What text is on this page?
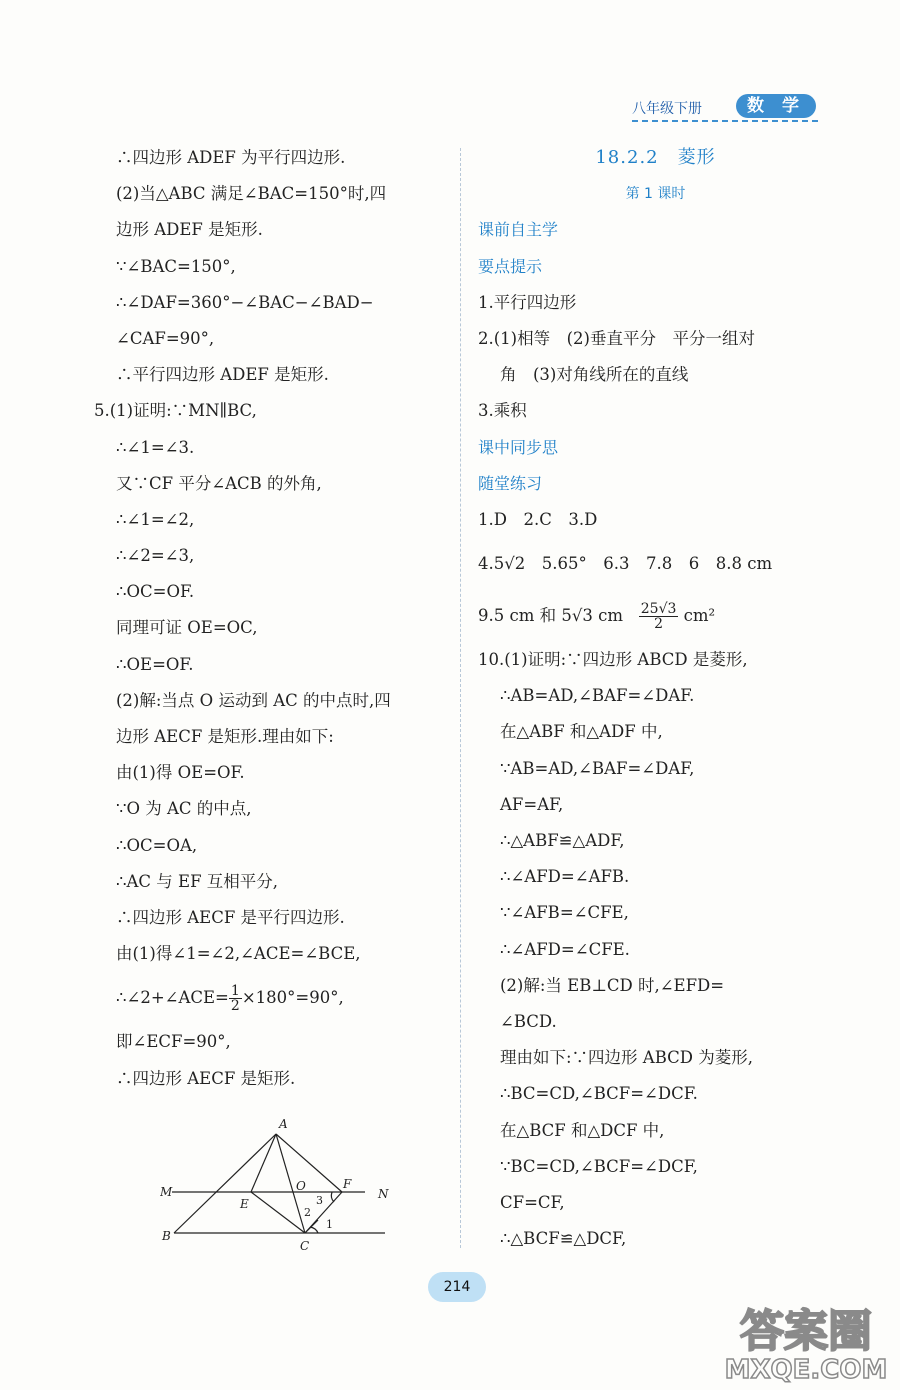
八年级下册	数 学
∴四边形 ADEF 为平行四边形.
(2)当△ABC 满足∠BAC=150°时,四
边形 ADEF 是矩形.
∵∠BAC=150°,
∴∠DAF=360°−∠BAC−∠BAD−
∠CAF=90°,
∴平行四边形 ADEF 是矩形.
5.(1)证明:∵MN∥BC,
∴∠1=∠3.
又∵CF 平分∠ACB 的外角,
∴∠1=∠2,
∴∠2=∠3,
∴OC=OF.
同理可证 OE=OC,
∴OE=OF.
(2)解:当点 O 运动到 AC 的中点时,四
边形 AECF 是矩形.理由如下:
由(1)得 OE=OF.
∵O 为 AC 的中点,
∴OC=OA,
∴AC 与 EF 互相平分,
∴四边形 AECF 是平行四边形.
由(1)得∠1=∠2,∠ACE=∠BCE,
∴∠2+∠ACE= $\frac{1}{2} \times 180^\circ=90^\circ$,
即∠ECF=90°,
∴四边形 AECF 是矩形.
A
M
E
O	F
N
B
C
1
2
3
18.2.2　菱形
第 1 课时
课前自主学
要点提示
1.平行四边形
2.(1)相等　(2)垂直平分　平分一组对
角　(3)对角线所在的直线
3.乘积
课中同步思
随堂练习
1.D　2.C　3.D
4.5√2　5.65°　6.3　7.8　6　8.8 cm
9.5 cm 和 5√3 cm $\frac{25√3}{2} cm^2$
10.(1)证明:∵四边形 ABCD 是菱形,
∴AB=AD,∠BAF=∠DAF.
在△ABF 和△ADF 中,
∵AB=AD,∠BAF=∠DAF,
AF=AF,
∴△ABF≌△ADF,
∴∠AFD=∠AFB.
∵∠AFB=∠CFE,
∴∠AFD=∠CFE.
(2)解:当 EB⊥CD 时,∠EFD=
∠BCD.
理由如下:∵四边形 ABCD 为菱形,
∴BC=CD,∠BCF=∠DCF.
在△BCF 和△DCF 中,
∵BC=CD,∠BCF=∠DCF,
CF=CF,
∴△BCF≌△DCF,
214
答案圈
MXQE.COM
